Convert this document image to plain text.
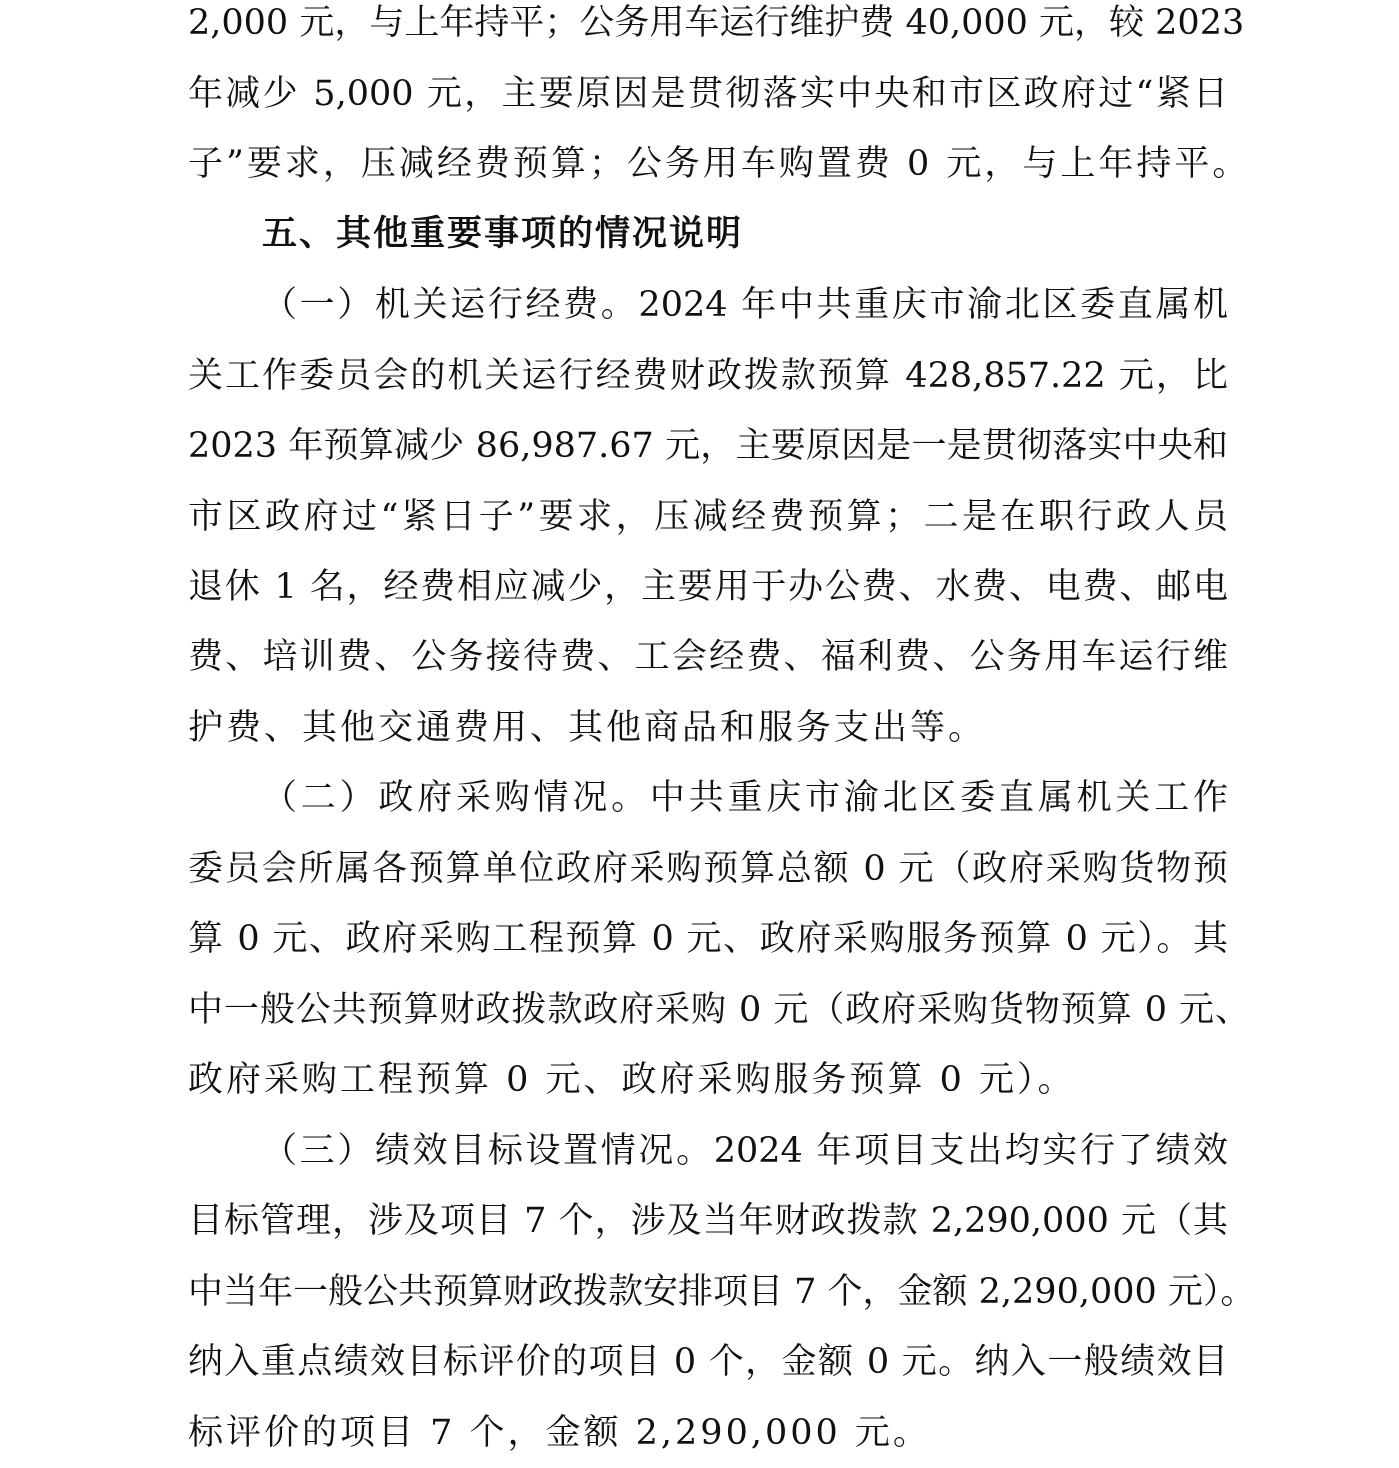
2,000 元，与上年持平；公务用车运行维护费 40,000 元，较 2023
年减少 5,000 元，主要原因是贯彻落实中央和市区政府过“紧日
子”要求，压减经费预算；公务用车购置费 0 元，与上年持平。
五、其他重要事项的情况说明
（一）机关运行经费。2024 年中共重庆市渝北区委直属机
关工作委员会的机关运行经费财政拨款预算 428,857.22 元，比
2023 年预算减少 86,987.67 元，主要原因是一是贯彻落实中央和
市区政府过“紧日子”要求，压减经费预算；二是在职行政人员
退休 1 名，经费相应减少，主要用于办公费、水费、电费、邮电
费、培训费、公务接待费、工会经费、福利费、公务用车运行维
护费、其他交通费用、其他商品和服务支出等。
（二）政府采购情况。中共重庆市渝北区委直属机关工作
委员会所属各预算单位政府采购预算总额 0 元（政府采购货物预
算 0 元、政府采购工程预算 0 元、政府采购服务预算 0 元）。其
中一般公共预算财政拨款政府采购 0 元（政府采购货物预算 0 元、
政府采购工程预算 0 元、政府采购服务预算 0 元）。
（三）绩效目标设置情况。2024 年项目支出均实行了绩效
目标管理，涉及项目 7 个，涉及当年财政拨款 2,290,000 元（其
中当年一般公共预算财政拨款安排项目 7 个，金额 2,290,000 元）。
纳入重点绩效目标评价的项目 0 个，金额 0 元。纳入一般绩效目
标评价的项目 7 个，金额 2,290,000 元。
